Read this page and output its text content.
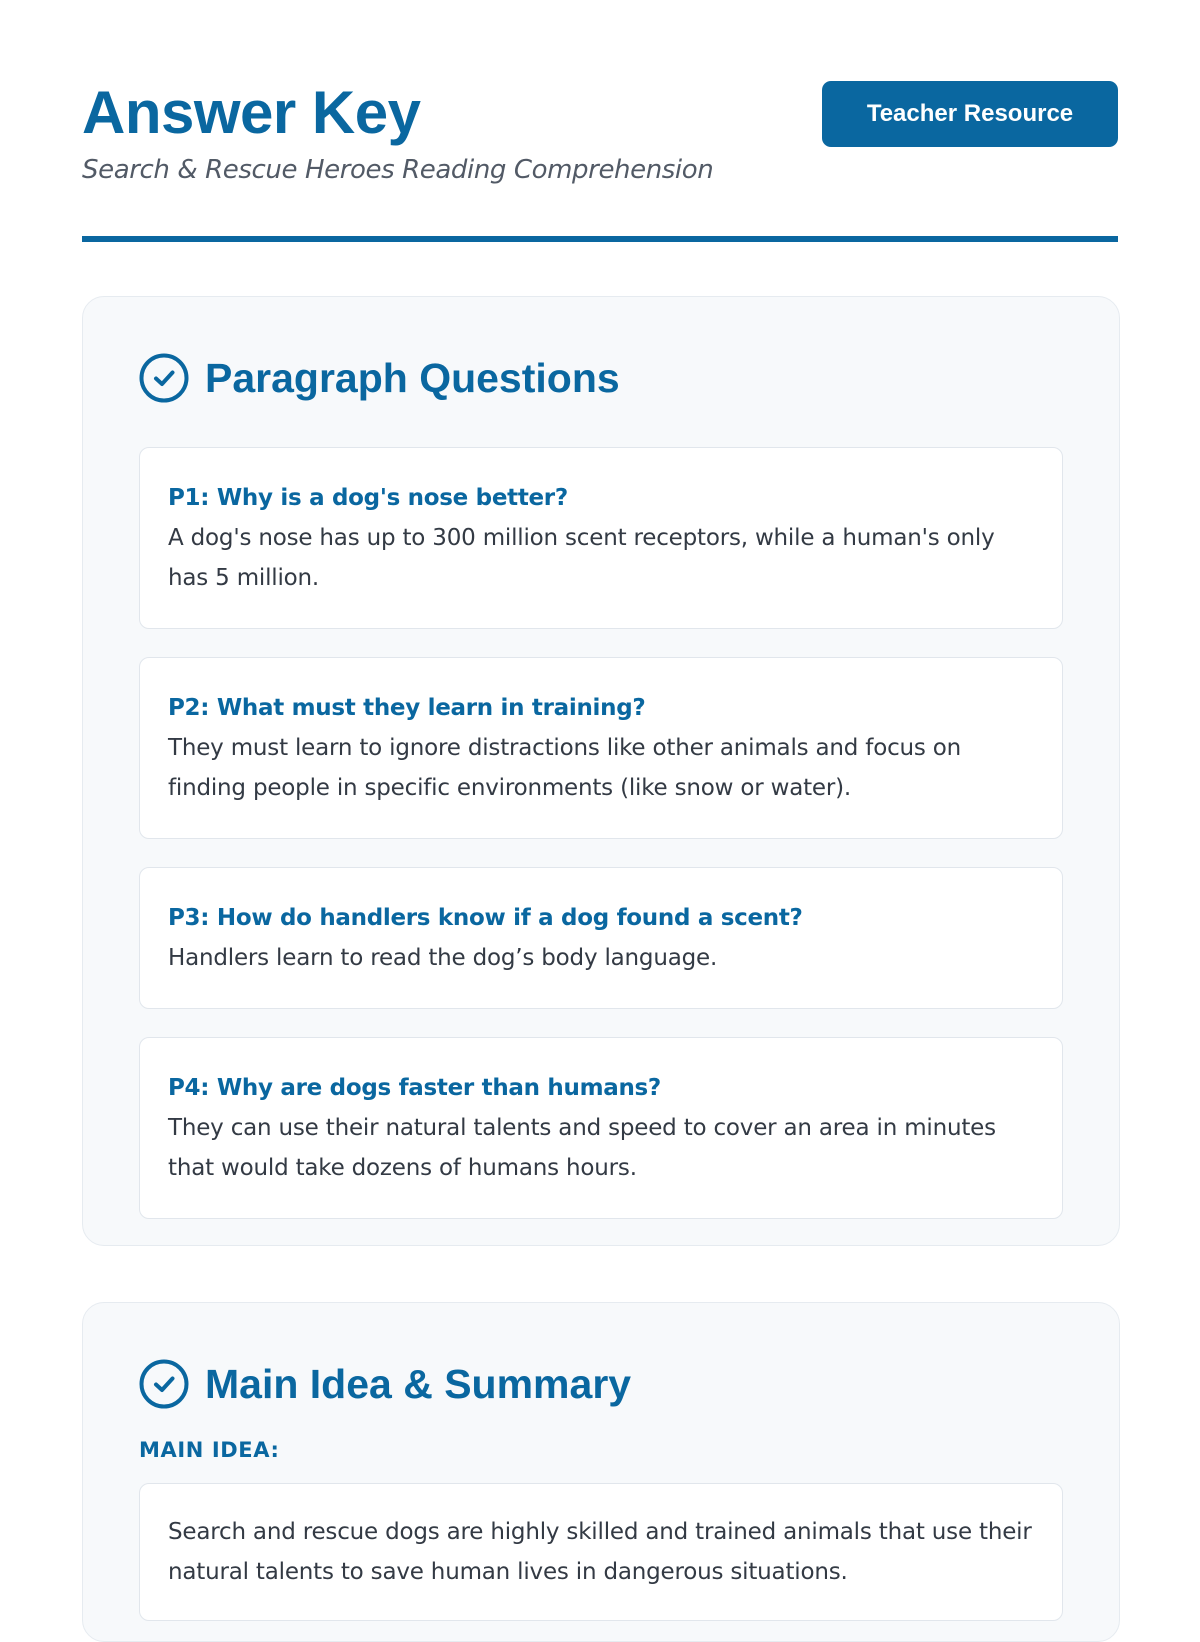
Answer Key
Search & Rescue Heroes Reading Comprehension
Teacher Resource
Paragraph Questions
P1: Why is a dog's nose better?
A dog's nose has up to 300 million scent receptors, while a human's only has 5 million.
P2: What must they learn in training?
They must learn to ignore distractions like other animals and focus on finding people in specific environments (like snow or water).
P3: How do handlers know if a dog found a scent?
Handlers learn to read the dog’s body language.
P4: Why are dogs faster than humans?
They can use their natural talents and speed to cover an area in minutes that would take dozens of humans hours.
Main Idea & Summary
MAIN IDEA:
Search and rescue dogs are highly skilled and trained animals that use their natural talents to save human lives in dangerous situations.
